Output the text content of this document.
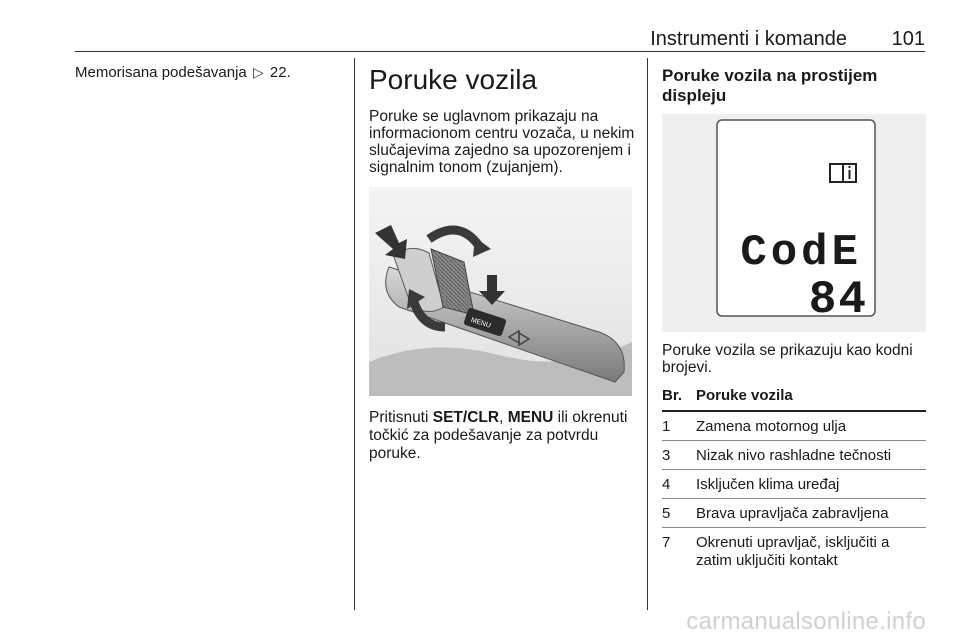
Instrumenti i komande 101
Memorisana podešavanja ▷ 22.	Poruke vozila
Poruke se uglavnom prikazaju na informacionom centru vozača, u nekim slučajevima zajedno sa upozorenjem i signalnim tonom (zujanjem).
MENU
Pritisnuti SET/CLR, MENU ili okrenuti točkić za podešavanje za potvrdu poruke.
Poruke vozila na prostijem displeju
CodE
84
Poruke vozila se prikazuju kao kodni brojevi.
Br.	Poruke vozila
1	Zamena motornog ulja
3	Nizak nivo rashladne tečnosti
4	Isključen klima uređaj
5	Brava upravljača zabravljena
7	Okrenuti upravljač, isključiti a zatim uključiti kontakt
carmanualsonline.info
